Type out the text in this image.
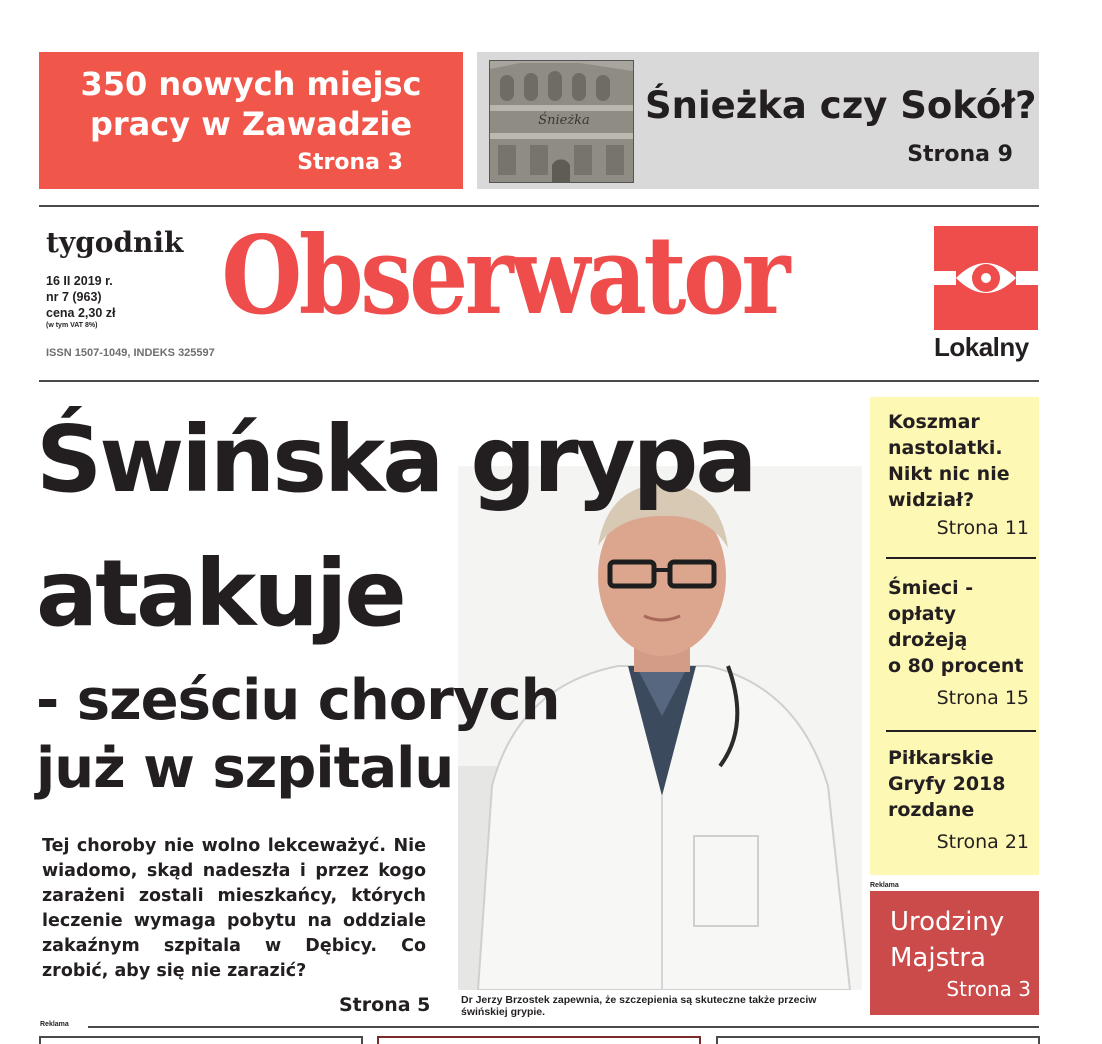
350 nowych miejsc
pracy w Zawadzie
Strona 3
Śnieżka czy Sokół?
Strona 9
Śnieżka
tygodnik
16 II 2019 r.
nr 7 (963)
cena 2,30 zł
(w tym VAT 8%)
ISSN 1507-1049, INDEKS 325597
Obserwator
Lokalny
Świńska grypa
atakuje
- sześciu chorych
już w szpitalu
Tej choroby nie wolno lekceważyć. Nie wiadomo, skąd nadeszła i przez kogo zarażeni zostali mieszkańcy, których leczenie wymaga pobytu na oddziale zakaźnym szpitala w Dębicy. Co zrobić, aby się nie zarazić?
Strona 5	Dr Jerzy Brzostek zapewnia, że szczepienia są skuteczne także przeciw świńskiej grypie.
Koszmar
nastolatki.
Nikt nic nie
widział?
Strona 11
Śmieci -
opłaty
drożeją
o 80 procent
Strona 15
Piłkarskie
Gryfy 2018
rozdane
Strona 21
Reklama
Urodziny
Majstra
Strona 3
Reklama
